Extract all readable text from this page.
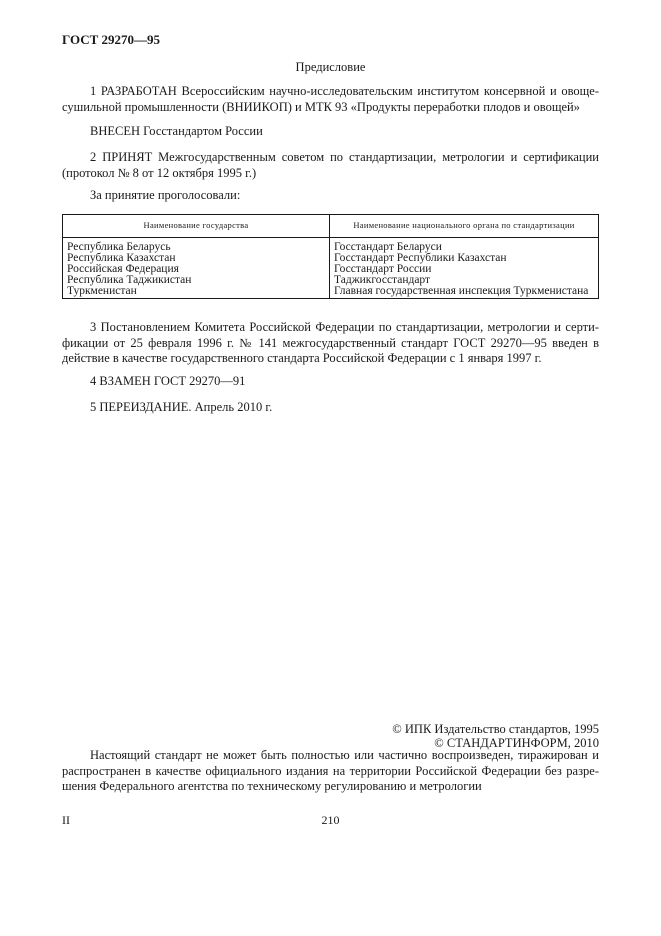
ГОСТ 29270—95
Предисловие
1 РАЗРАБОТАН Всероссийским научно-исследовательским институтом консервной и овоще-сушильной промышленности (ВНИИКОП) и МТК 93 «Продукты переработки плодов и овощей»
ВНЕСЕН Госстандартом России
2 ПРИНЯТ Межгосударственным советом по стандартизации, метрологии и сертификации (протокол № 8 от 12 октября 1995 г.)
За принятие проголосовали:
Наименование государства	Наименование национального органа по стандартизации
Республика Беларусь	Госстандарт Беларуси
Республика Казахстан	Госстандарт Республики Казахстан
Российская Федерация	Госстандарт России
Республика Таджикистан	Таджикгосстандарт
Туркменистан	Главная государственная инспекция Туркменистана
3 Постановлением Комитета Российской Федерации по стандартизации, метрологии и серти-фикации от 25 февраля 1996 г. № 141 межгосударственный стандарт ГОСТ 29270—95 введен в действие в качестве государственного стандарта Российской Федерации с 1 января 1997 г.
4 ВЗАМЕН ГОСТ 29270—91
5 ПЕРЕИЗДАНИЕ. Апрель 2010 г.
© ИПК Издательство стандартов, 1995
© СТАНДАРТИНФОРМ, 2010
Настоящий стандарт не может быть полностью или частично воспроизведен, тиражирован и распространен в качестве официального издания на территории Российской Федерации без разре-шения Федерального агентства по техническому регулированию и метрологии
II	210
